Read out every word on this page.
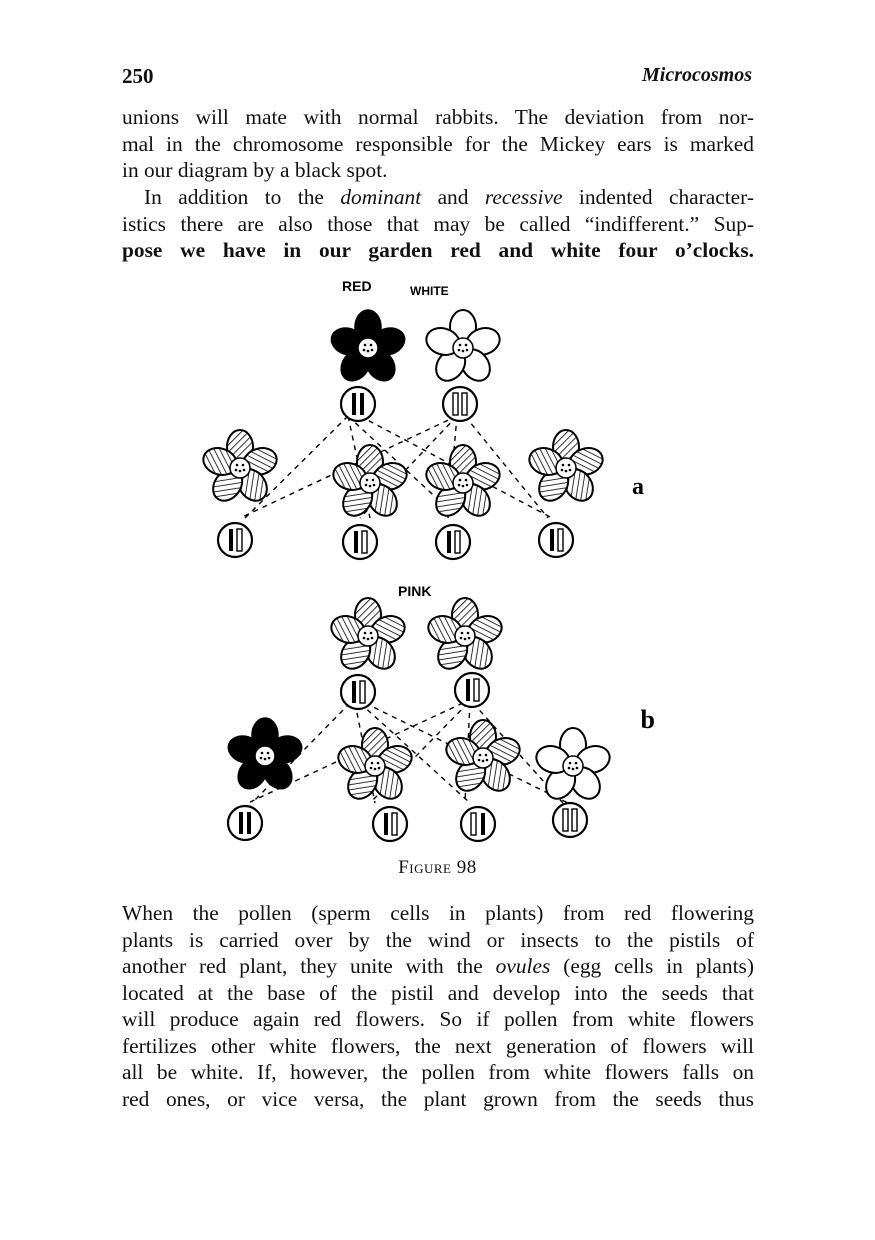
250	Microcosmos

unions will mate with normal rabbits. The deviation from nor-
mal in the chromosome responsible for the Mickey ears is marked
in our diagram by a black spot.

In addition to the dominant and recessive indented character-
istics there are also those that may be called “indifferent.” Sup-
pose we have in our garden red and white four o’clocks.

RED	WHITE
a
PINK
b
Figure 98

When the pollen (sperm cells in plants) from red flowering
plants is carried over by the wind or insects to the pistils of
another red plant, they unite with the ovules (egg cells in plants)
located at the base of the pistil and develop into the seeds that
will produce again red flowers. So if pollen from white flowers
fertilizes other white flowers, the next generation of flowers will
all be white. If, however, the pollen from white flowers falls on
red ones, or vice versa, the plant grown from the seeds thus
